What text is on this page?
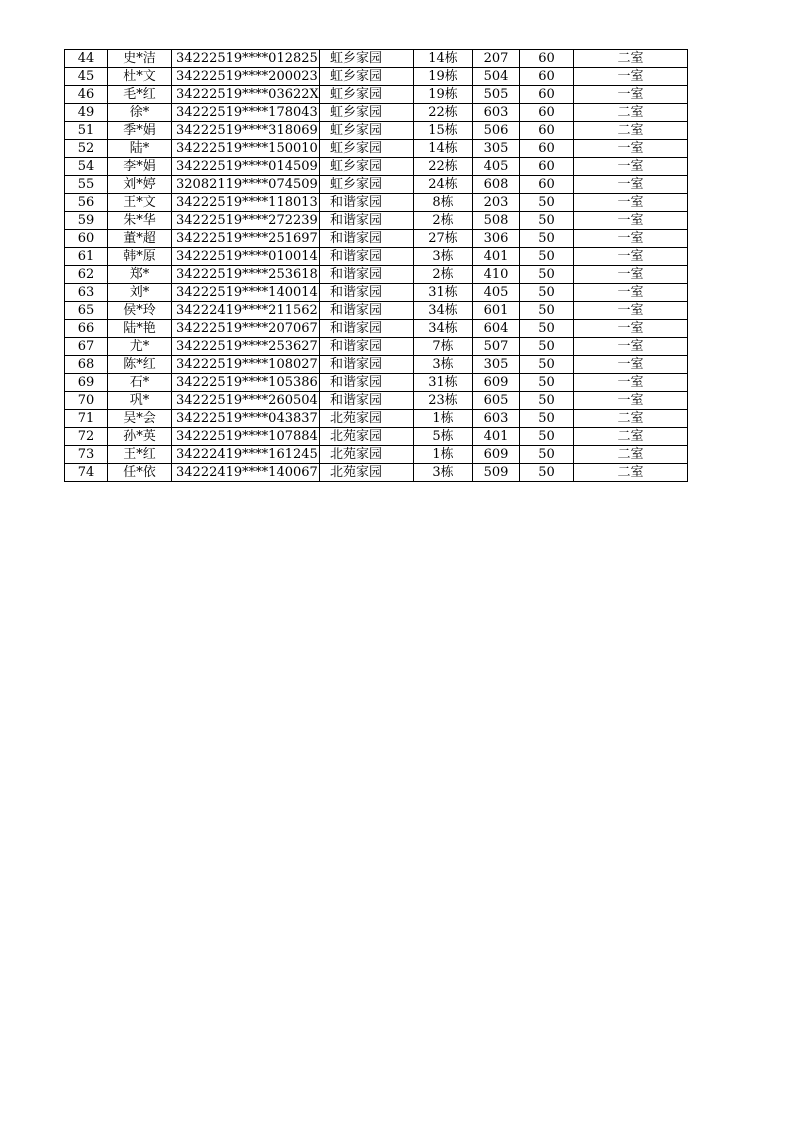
44	史*洁	34222519****012825	虹乡家园	14栋	207	60	二室
45	杜*文	34222519****200023	虹乡家园	19栋	504	60	一室
46	毛*红	34222519****03622X	虹乡家园	19栋	505	60	一室
49	徐*	34222519****178043	虹乡家园	22栋	603	60	二室
51	季*娟	34222519****318069	虹乡家园	15栋	506	60	二室
52	陆*	34222519****150010	虹乡家园	14栋	305	60	一室
54	李*娟	34222519****014509	虹乡家园	22栋	405	60	一室
55	刘*婷	32082119****074509	虹乡家园	24栋	608	60	一室
56	王*文	34222519****118013	和谐家园	8栋	203	50	一室
59	朱*华	34222519****272239	和谐家园	2栋	508	50	一室
60	董*超	34222519****251697	和谐家园	27栋	306	50	一室
61	韩*原	34222519****010014	和谐家园	3栋	401	50	一室
62	郑*	34222519****253618	和谐家园	2栋	410	50	一室
63	刘*	34222519****140014	和谐家园	31栋	405	50	一室
65	侯*玲	34222419****211562	和谐家园	34栋	601	50	一室
66	陆*艳	34222519****207067	和谐家园	34栋	604	50	一室
67	尤*	34222519****253627	和谐家园	7栋	507	50	一室
68	陈*红	34222519****108027	和谐家园	3栋	305	50	一室
69	石*	34222519****105386	和谐家园	31栋	609	50	一室
70	巩*	34222519****260504	和谐家园	23栋	605	50	一室
71	吴*会	34222519****043837	北苑家园	1栋	603	50	二室
72	孙*英	34222519****107884	北苑家园	5栋	401	50	二室
73	王*红	34222419****161245	北苑家园	1栋	609	50	二室
74	任*依	34222419****140067	北苑家园	3栋	509	50	二室
